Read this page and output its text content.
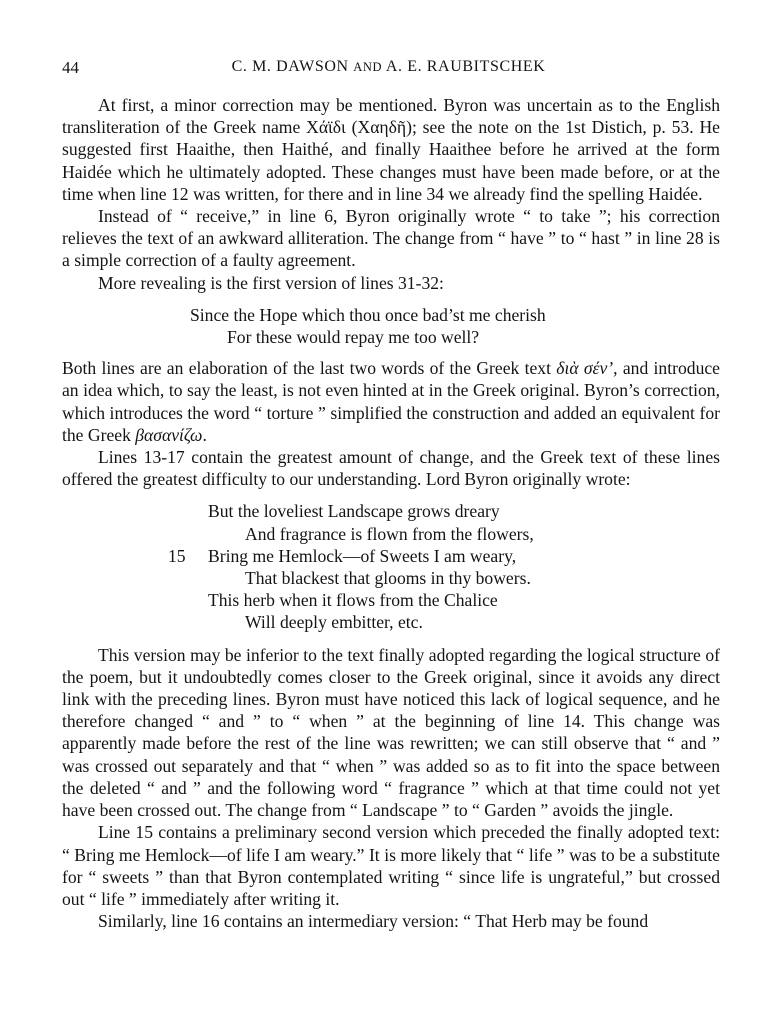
44	C. M. DAWSON AND A. E. RAUBITSCHEK

At first, a minor correction may be mentioned. Byron was uncertain as to the English transliteration of the Greek name Χάϊδι (Χαηδῆ); see the note on the 1st Distich, p. 53. He suggested first Haaithe, then Haithé, and finally Haaithee before he arrived at the form Haidée which he ultimately adopted. These changes must have been made before, or at the time when line 12 was written, for there and in line 34 we already find the spelling Haidée.

Instead of “ receive,” in line 6, Byron originally wrote “ to take ”; his correction relieves the text of an awkward alliteration. The change from “ have ” to “ hast ” in line 28 is a simple correction of a faulty agreement.

More revealing is the first version of lines 31-32:

Since the Hope which thou once bad’st me cherish
For these would repay me too well?

Both lines are an elaboration of the last two words of the Greek text διὰ σέν’, and introduce an idea which, to say the least, is not even hinted at in the Greek original. Byron’s correction, which introduces the word “ torture ” simplified the construction and added an equivalent for the Greek βασανίζω.

Lines 13-17 contain the greatest amount of change, and the Greek text of these lines offered the greatest difficulty to our understanding. Lord Byron originally wrote:

But the loveliest Landscape grows dreary
And fragrance is flown from the flowers,
15 Bring me Hemlock—of Sweets I am weary,
That blackest that glooms in thy bowers.
This herb when it flows from the Chalice
Will deeply embitter, etc.

This version may be inferior to the text finally adopted regarding the logical structure of the poem, but it undoubtedly comes closer to the Greek original, since it avoids any direct link with the preceding lines. Byron must have noticed this lack of logical sequence, and he therefore changed “ and ” to “ when ” at the beginning of line 14. This change was apparently made before the rest of the line was rewritten; we can still observe that “ and ” was crossed out separately and that “ when ” was added so as to fit into the space between the deleted “ and ” and the following word “ fragrance ” which at that time could not yet have been crossed out. The change from “ Landscape ” to “ Garden ” avoids the jingle.

Line 15 contains a preliminary second version which preceded the finally adopted text: “ Bring me Hemlock—of life I am weary.” It is more likely that “ life ” was to be a substitute for “ sweets ” than that Byron contemplated writing “ since life is ungrateful,” but crossed out “ life ” immediately after writing it.

Similarly, line 16 contains an intermediary version: “ That Herb may be found
